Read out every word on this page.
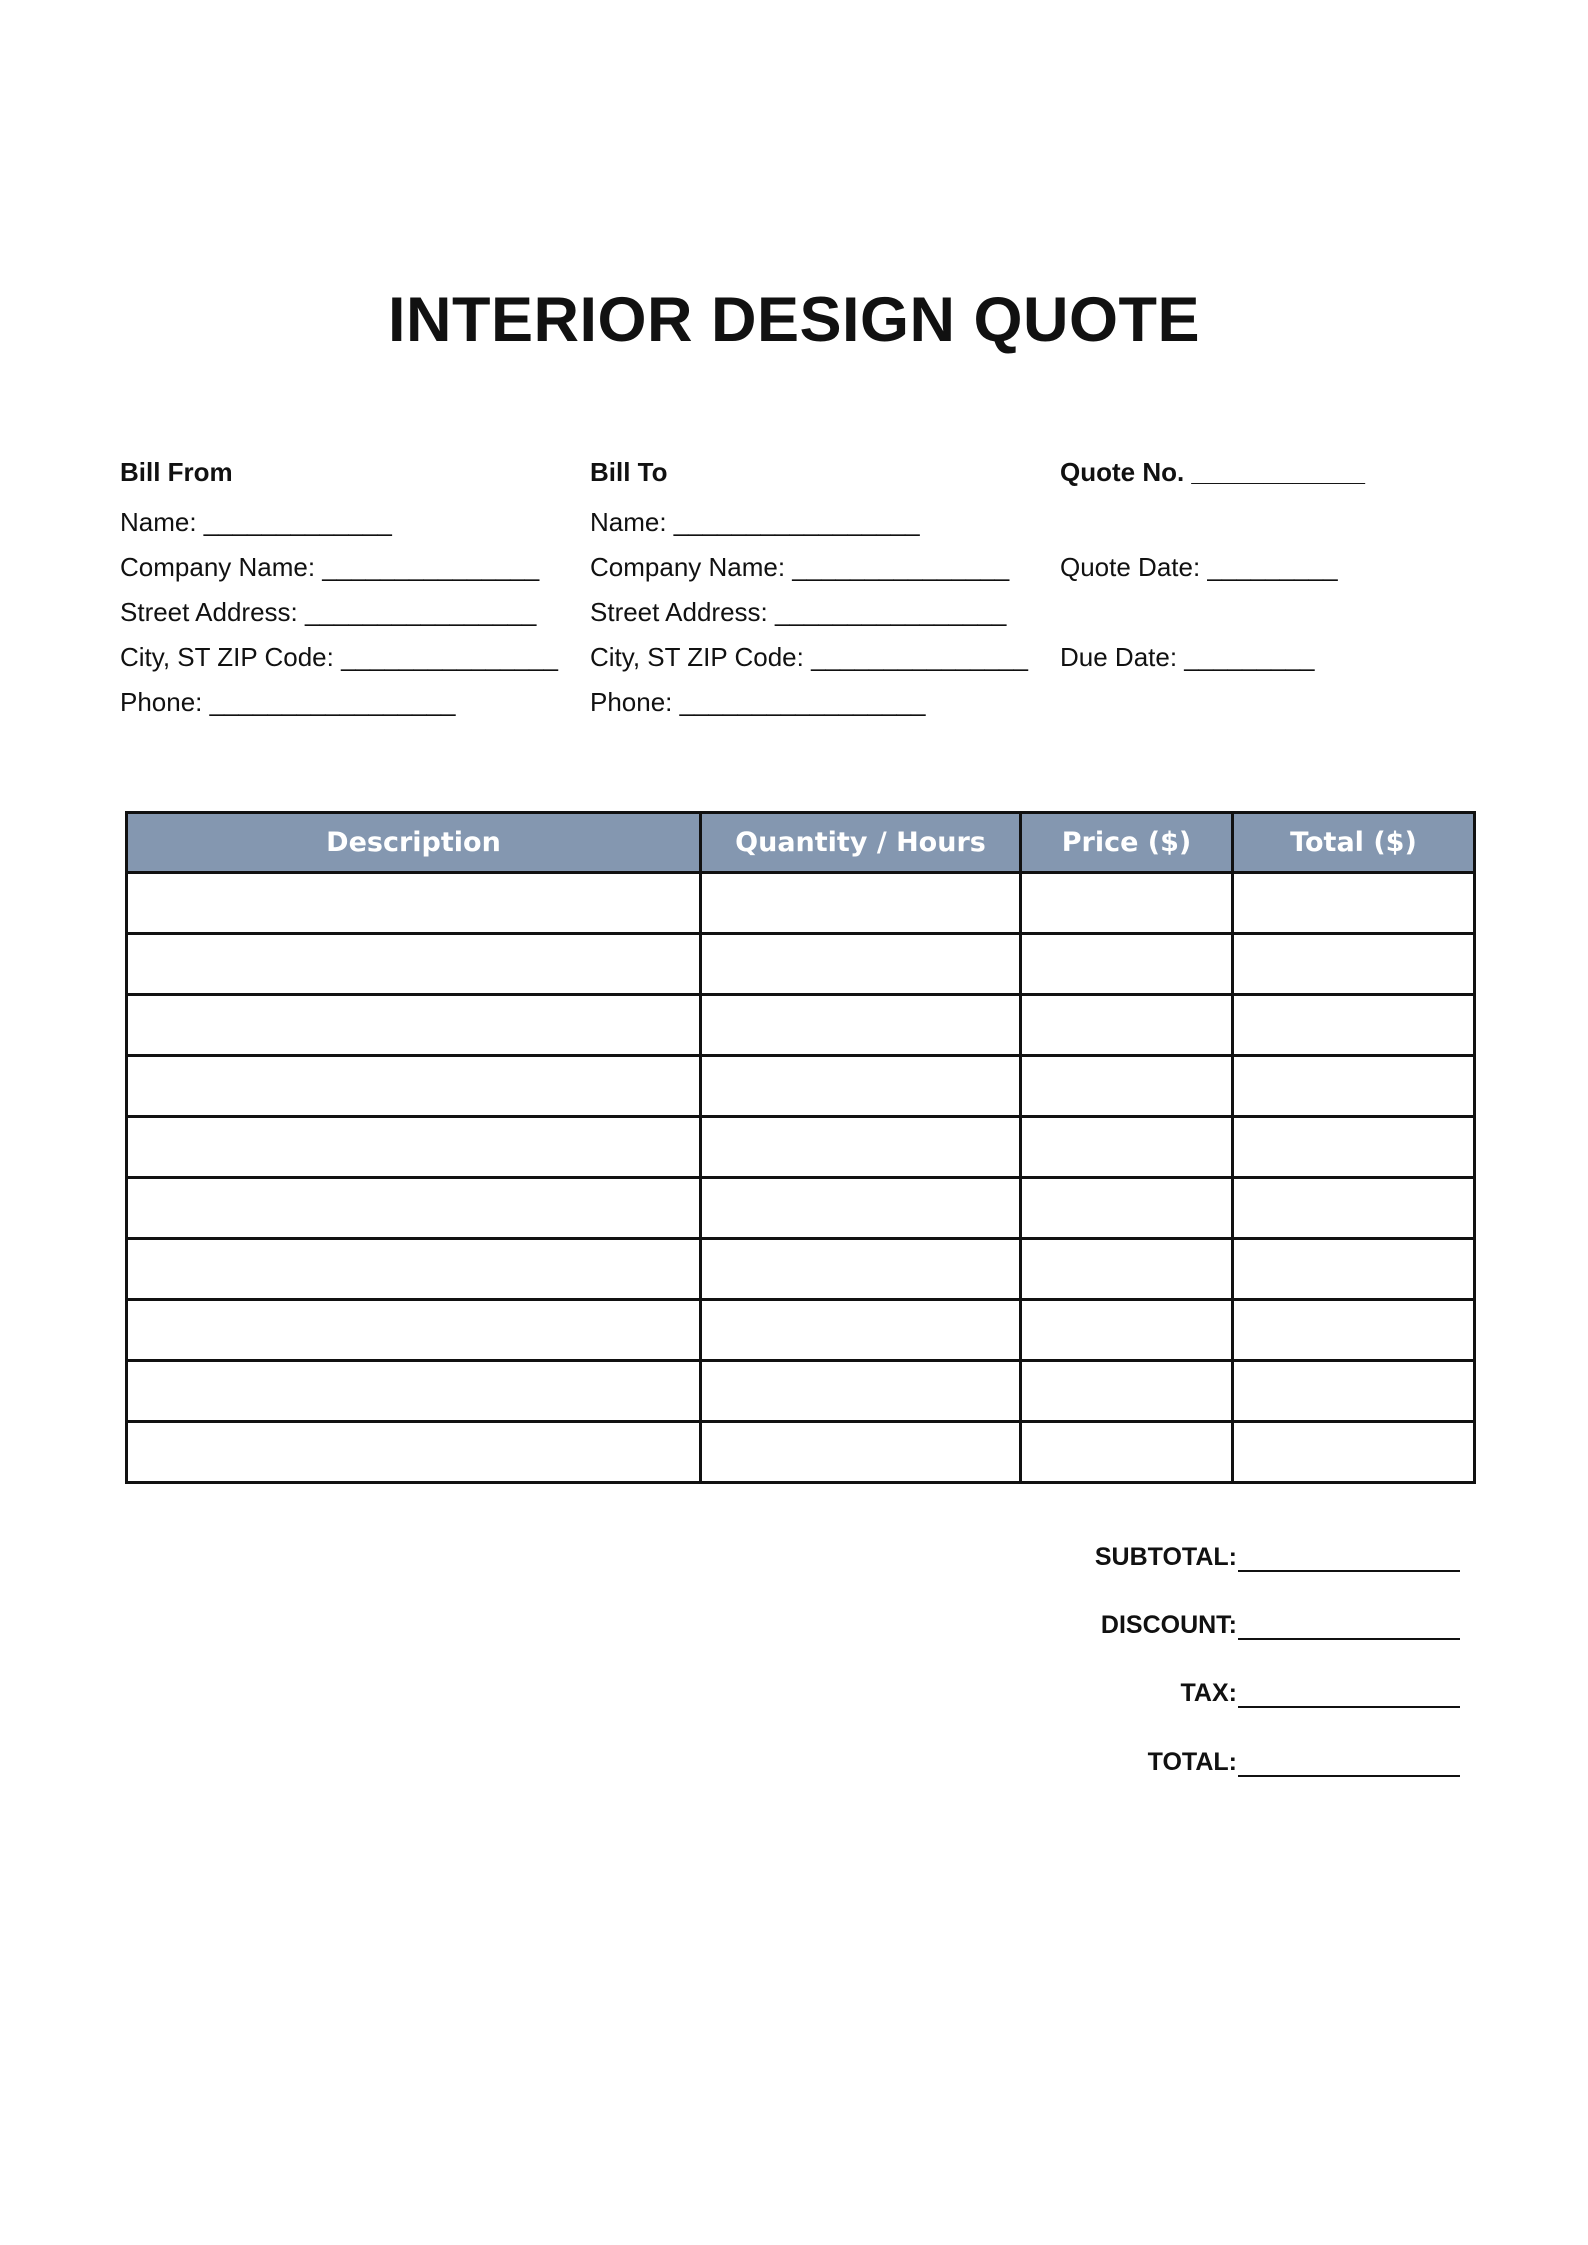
INTERIOR DESIGN QUOTE
Bill From
Name: _____________
Company Name: _______________
Street Address: ________________
City, ST ZIP Code: _______________
Phone: _________________
Bill To
Name: _________________
Company Name: _______________
Street Address: ________________
City, ST ZIP Code: _______________
Phone: _________________
Quote No. ____________
Quote Date: _________
Due Date: _________
Description	Quantity / Hours	Price ($)	Total ($)

SUBTOTAL:
DISCOUNT:
TAX:
TOTAL:
